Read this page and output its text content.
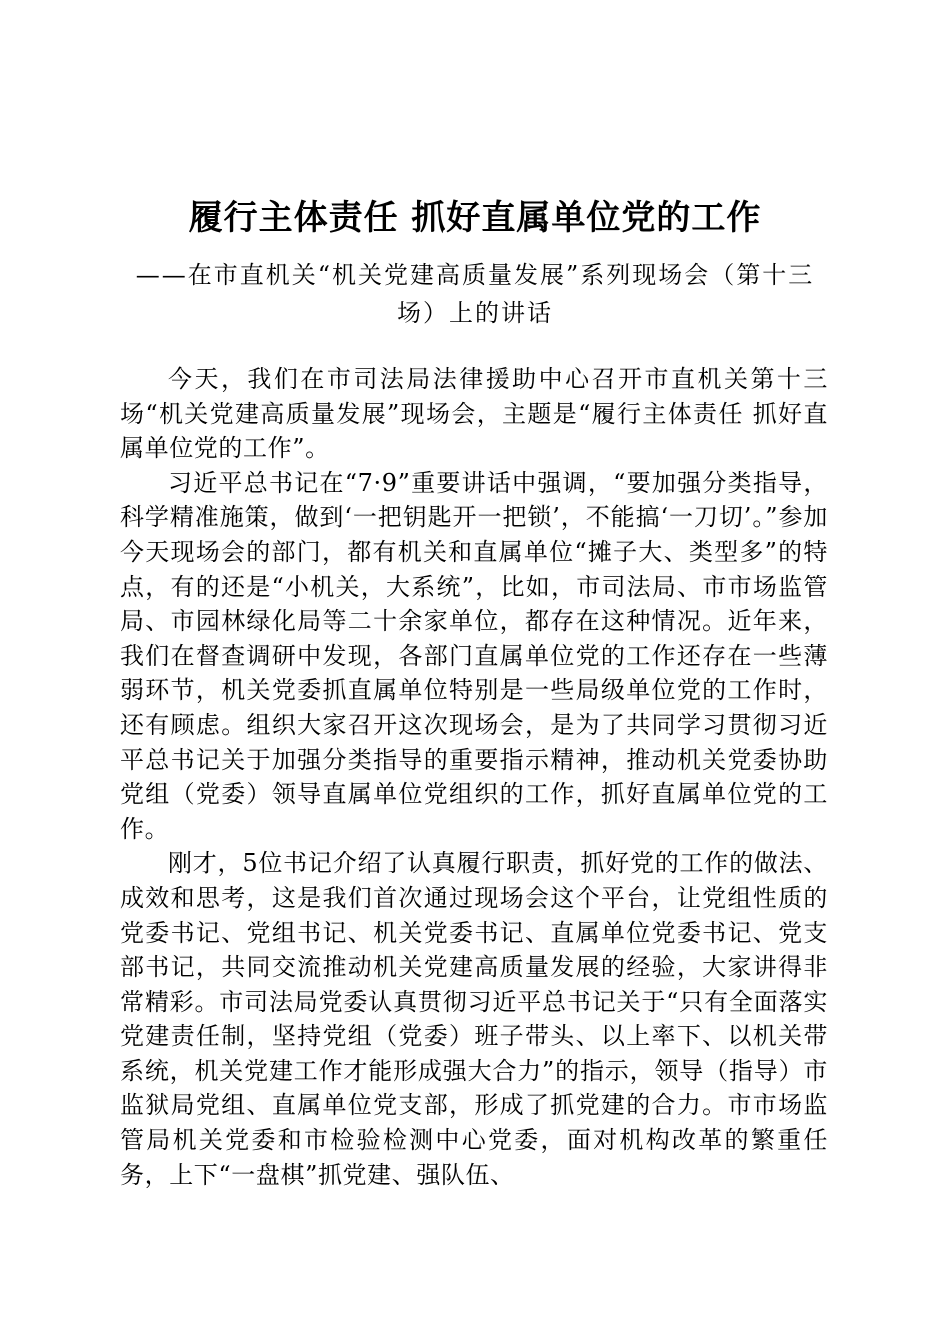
履行主体责任 抓好直属单位党的工作

——在市直机关“机关党建高质量发展”系列现场会（第十三场）上的讲话

今天，我们在市司法局法律援助中心召开市直机关第十三场“机关党建高质量发展”现场会，主题是“履行主体责任 抓好直属单位党的工作”。

习近平总书记在“7·9”重要讲话中强调，“要加强分类指导，科学精准施策，做到‘一把钥匙开一把锁’，不能搞‘一刀切’。”参加今天现场会的部门，都有机关和直属单位“摊子大、类型多”的特点，有的还是“小机关，大系统”，比如，市司法局、市市场监管局、市园林绿化局等二十余家单位，都存在这种情况。近年来，我们在督查调研中发现，各部门直属单位党的工作还存在一些薄弱环节，机关党委抓直属单位特别是一些局级单位党的工作时，还有顾虑。组织大家召开这次现场会，是为了共同学习贯彻习近平总书记关于加强分类指导的重要指示精神，推动机关党委协助党组（党委）领导直属单位党组织的工作，抓好直属单位党的工作。

刚才，5位书记介绍了认真履行职责，抓好党的工作的做法、成效和思考，这是我们首次通过现场会这个平台，让党组性质的党委书记、党组书记、机关党委书记、直属单位党委书记、党支部书记，共同交流推动机关党建高质量发展的经验，大家讲得非常精彩。市司法局党委认真贯彻习近平总书记关于“只有全面落实党建责任制，坚持党组（党委）班子带头、以上率下、以机关带系统，机关党建工作才能形成强大合力”的指示，领导（指导）市监狱局党组、直属单位党支部，形成了抓党建的合力。市市场监管局机关党委和市检验检测中心党委，面对机构改革的繁重任务，上下“一盘棋”抓党建、强队伍、
